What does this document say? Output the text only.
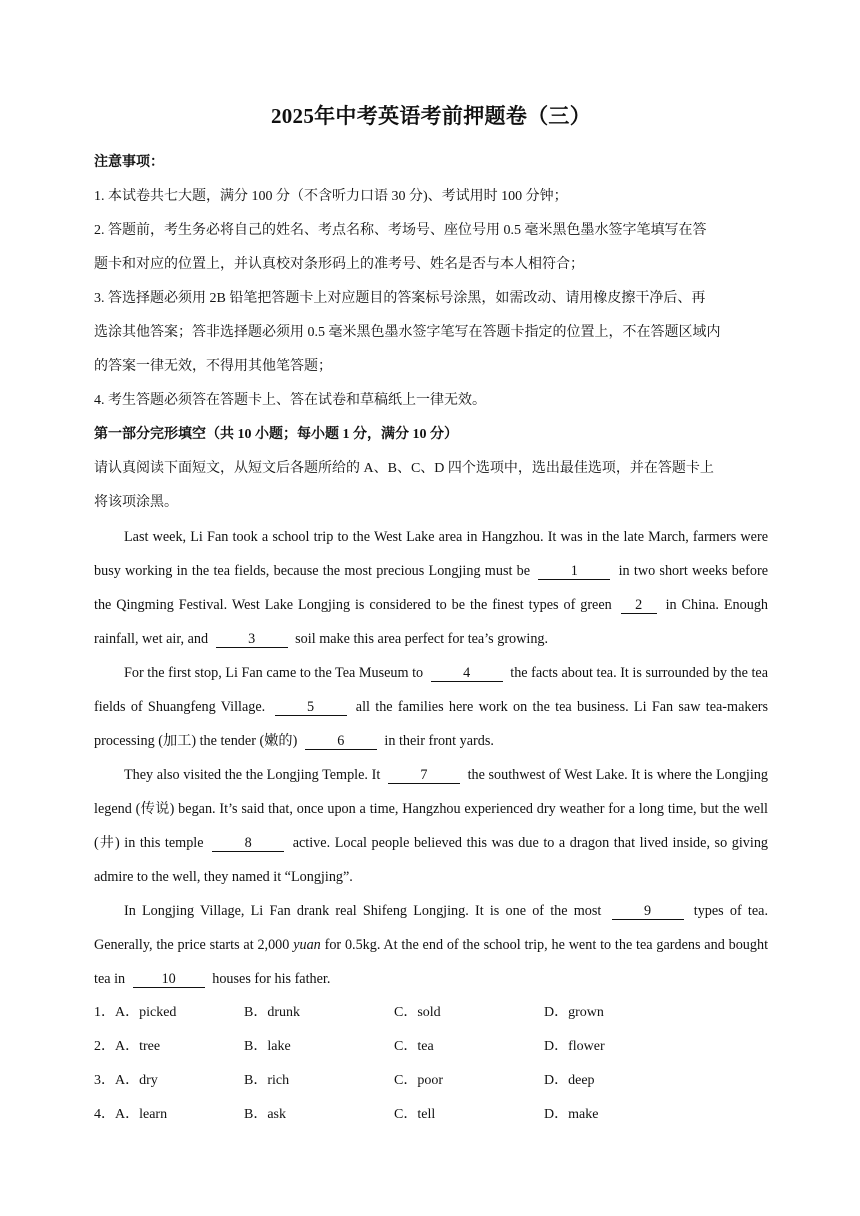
2025年中考英语考前押题卷（三）
注意事项：
1. 本试卷共七大题，满分 100 分（不含听力口语 30 分)、考试用时 100 分钟；
2. 答题前，考生务必将自己的姓名、考点名称、考场号、座位号用 0.5 毫米黑色墨水签字笔填写在答
题卡和对应的位置上，并认真校对条形码上的准考号、姓名是否与本人相符合；
3. 答选择题必须用 2B 铅笔把答题卡上对应题目的答案标号涂黑，如需改动、请用橡皮擦干净后、再
选涂其他答案；答非选择题必须用 0.5 毫米黑色墨水签字笔写在答题卡指定的位置上，不在答题区域内
的答案一律无效，不得用其他笔答题；
4. 考生答题必须答在答题卡上、答在试卷和草稿纸上一律无效。
第一部分完形填空（共 10 小题；每小题 1 分，满分 10 分）
请认真阅读下面短文，从短文后各题所给的 A、B、C、D 四个选项中，选出最佳选项，并在答题卡上
将该项涂黑。
Last week, Li Fan took a school trip to the West Lake area in Hangzhou. It was in the late March, farmers were busy working in the tea fields, because the most precious Longjing must be	1	in two short weeks before the Qingming Festival. West Lake Longjing is considered to be the finest types of green 2 in China. Enough rainfall, wet air, and	3	soil make this area perfect for tea’s growing.
For the first stop, Li Fan came to the Tea Museum to	4	the facts about tea. It is surrounded by the tea fields of Shuangfeng Village.	5	all the families here work on the tea business. Li Fan saw tea-makers processing (加工) the tender (嫩的)	6	in their front yards.
They also visited the the Longjing Temple. It	7	the southwest of West Lake. It is where the Longjing legend (传说) began. It’s said that, once upon a time, Hangzhou experienced dry weather for a long time, but the well (井) in this temple	8	active. Local people believed this was due to a dragon that lived inside, so giving admire to the well, they named it “Longjing”.
In Longjing Village, Li Fan drank real Shifeng Longjing. It is one of the most	9	types of tea. Generally, the price starts at 2,000 yuan for 0.5kg. At the end of the school trip, he went to the tea gardens and bought tea in	10	houses for his father.
1．A．picked	B．drunk	C．sold	D．grown
2．A．tree	B．lake	C．tea	D．flower
3．A．dry	B．rich	C．poor	D．deep
4．A．learn	B．ask	C．tell	D．make
